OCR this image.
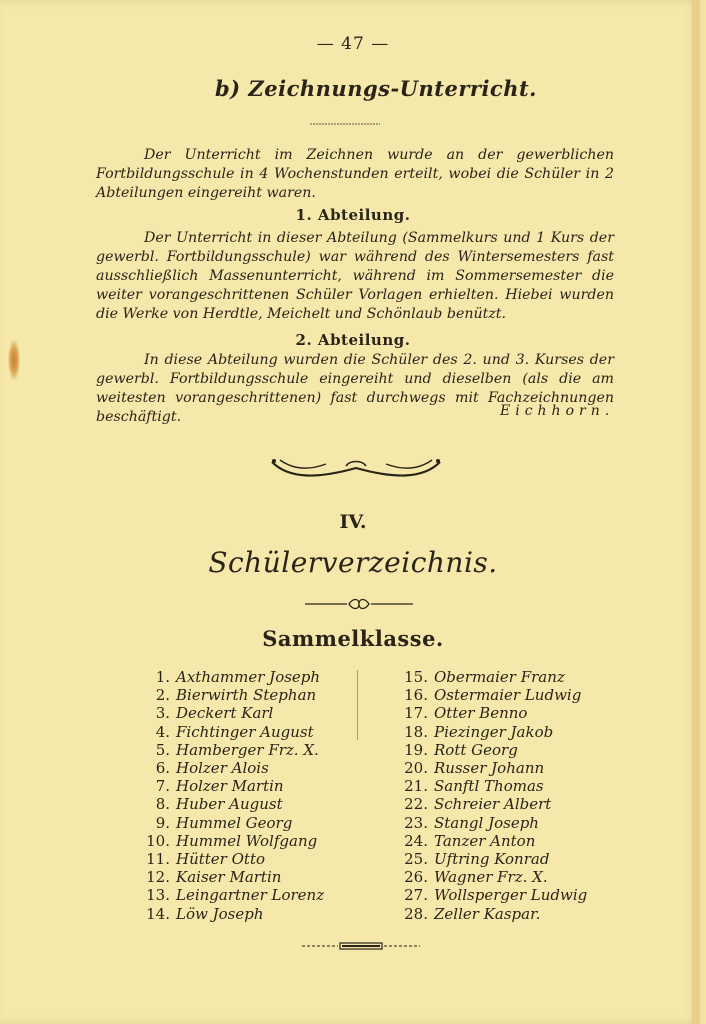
— 47 —
b) Zeichnungs-Unterricht.
Der Unterricht im Zeichnen wurde an der gewerblichen Fortbildungsschule in 4 Wochenstunden erteilt, wobei die Schüler in 2 Abteilungen eingereiht waren.
1. Abteilung.
Der Unterricht in dieser Abteilung (Sammelkurs und 1 Kurs der gewerbl. Fortbildungsschule) war während des Wintersemesters fast ausschließlich Massenunterricht, während im Sommersemester die weiter vorangeschrittenen Schüler Vorlagen erhielten. Hiebei wurden die Werke von Herdtle, Meichelt und Schönlaub benützt.
2. Abteilung.
In diese Abteilung wurden die Schüler des 2. und 3. Kurses der gewerbl. Fortbildungsschule eingereiht und dieselben (als die am weitesten vorangeschrittenen) fast durchwegs mit Fachzeichnungen beschäftigt.	Eichhorn.
IV.
Schülerverzeichnis.
Sammelklasse.
1. Axthammer Joseph
2. Bierwirth Stephan
3. Deckert Karl
4. Fichtinger August
5. Hamberger Frz. X.
6. Holzer Alois
7. Holzer Martin
8. Huber August
9. Hummel Georg
10. Hummel Wolfgang
11. Hütter Otto
12. Kaiser Martin
13. Leingartner Lorenz
14. Löw Joseph
15. Obermaier Franz
16. Ostermaier Ludwig
17. Otter Benno
18. Piezinger Jakob
19. Rott Georg
20. Russer Johann
21. Sanftl Thomas
22. Schreier Albert
23. Stangl Joseph
24. Tanzer Anton
25. Uftring Konrad
26. Wagner Frz. X.
27. Wollsperger Ludwig
28. Zeller Kaspar.
